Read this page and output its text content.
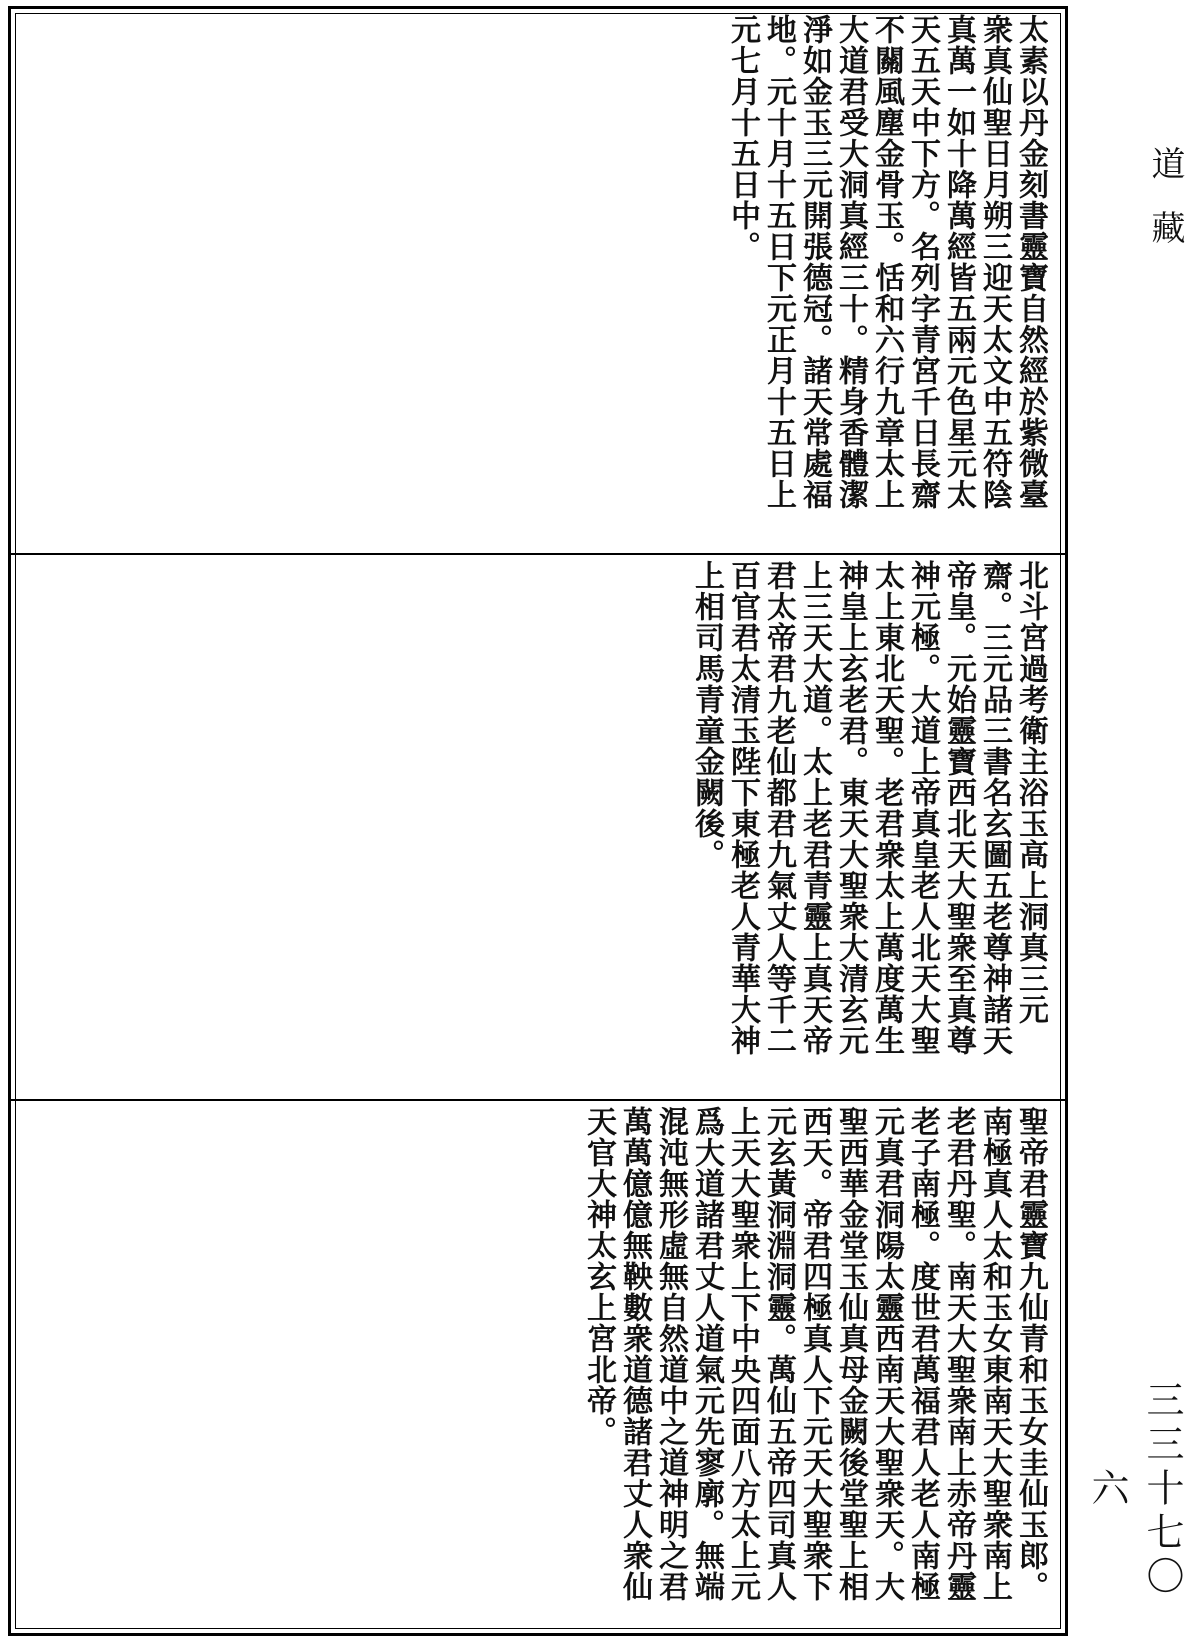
太素以丹金刻書靈寶自然經於紫微臺衆真仙聖日月朔三迎天太文中五符陰真萬一如十降萬經皆五兩元色星元太天五天中下方。名列字青宮千日長齋不關風塵金骨玉。恬和六行九章太上大道君受大洞真經三十。精身香體潔淨如金玉三元開張德冠。諸天常處福地。元十月十五日下元正月十五日上元七月十五日中。
北斗宮過考衛主浴玉高上洞真三元齋。三元品三書名玄圖五老尊神諸天帝皇。元始靈寶西北天大聖衆至真尊神元極。大道上帝真皇老人北天大聖太上東北天聖。老君衆太上萬度萬生神皇上玄老君。東天大聖衆大清玄元上三天大道。太上老君青靈上真天帝君太帝君九老仙都君九氣丈人等千二百官君太清玉陛下東極老人青華大神上相司馬青童金闕後。
聖帝君靈寶九仙青和玉女圭仙玉郎。南極真人太和玉女東南天大聖衆南上老君丹聖。南天大聖衆南上赤帝丹靈老子南極。度世君萬福君人老人南極元真君洞陽太靈西南天大聖衆天。大聖西華金堂玉仙真母金闕後堂聖上相西天。帝君四極真人下元天大聖衆下元玄黃洞淵洞靈。萬仙五帝四司真人上天大聖衆上下中央四面八方太上元爲大道諸君丈人道氣元先寥廓。無端混沌無形虛無自然道中之道神明之君萬萬億億無鞅數衆道德諸君丈人衆仙天官大神太玄上宮北帝。
道藏
三三十七〇六
